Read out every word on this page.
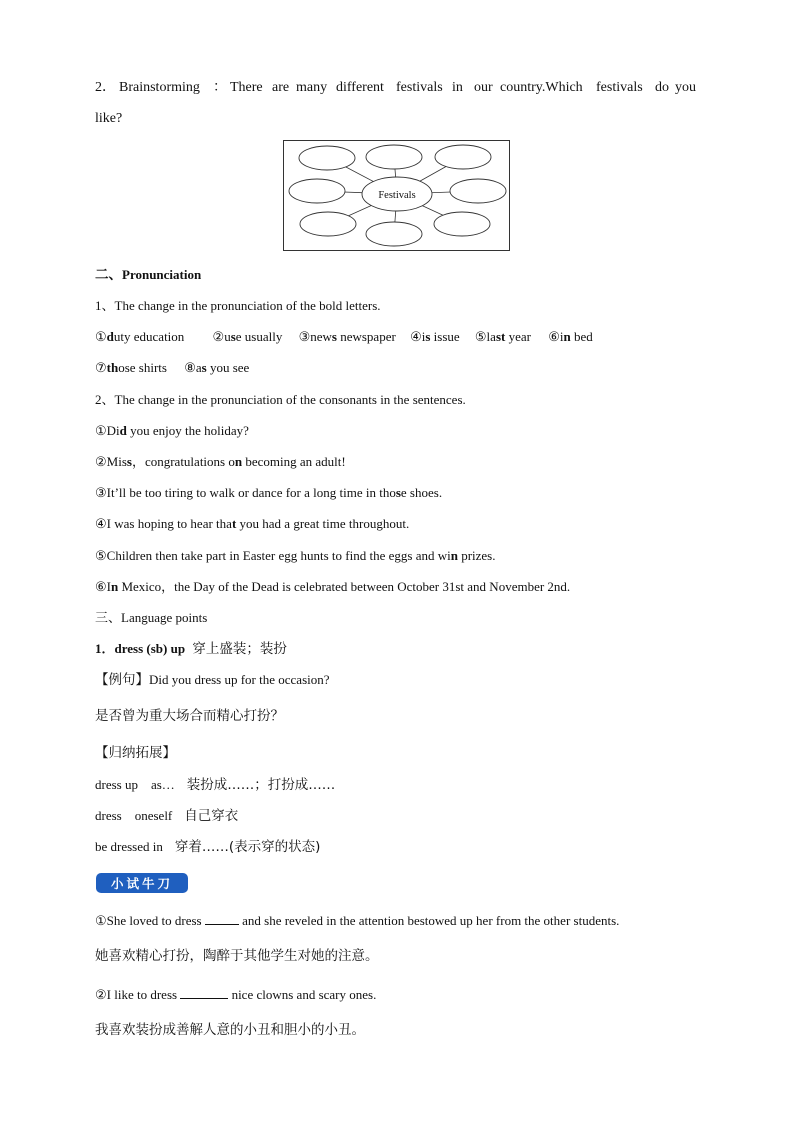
2． Brainstorming ： There are many different festivals in our country.Which festivals do you
like?
Festivals
二、Pronunciation
1、The change in the pronunciation of the bold letters.
①duty education ②use usually ③news newspaper ④is issue ⑤last year ⑥in bed
⑦those shirts ⑧as you see
2、The change in the pronunciation of the consonants in the sentences.
①Did you enjoy the holiday?
②Miss，congratulations on becoming an adult!
③It’ll be too tiring to walk or dance for a long time in those shoes.
④I was hoping to hear that you had a great time throughout.
⑤Children then take part in Easter egg hunts to find the eggs and win prizes.
⑥In Mexico，the Day of the Dead is celebrated between October 31st and November 2nd.
三、Language points
1．dress (sb) up 穿上盛装；装扮
【例句】Did you dress up for the occasion?
是否曾为重大场合而精心打扮？
【归纳拓展】
dress up　as… 装扮成……；打扮成……
dress　oneself 自己穿衣
be dressed in 穿着……(表示穿的状态)
小试牛刀
①She loved to dress	and she reveled in the attention bestowed up her from the other students.
她喜欢精心打扮，陶醉于其他学生对她的注意。
②I like to dress	nice clowns and scary ones.
我喜欢装扮成善解人意的小丑和胆小的小丑。
